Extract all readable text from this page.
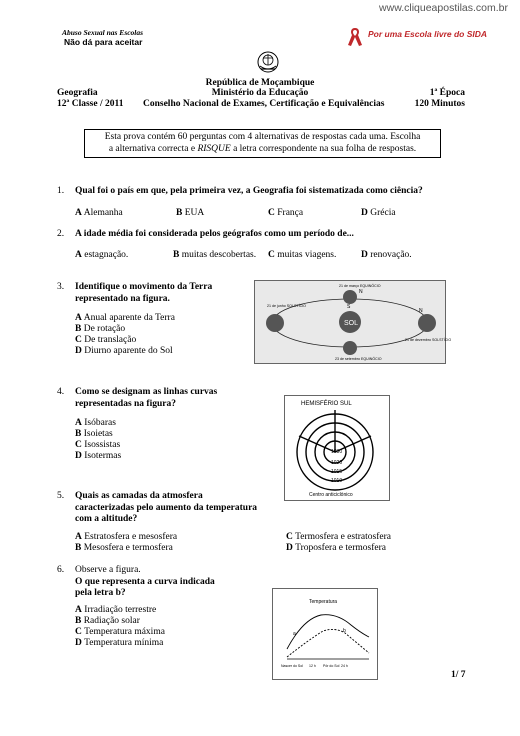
www.cliqueapostilas.com.br
Abuso Sexual nas Escolas
Não dá para aceitar
Por uma Escola livre do SIDA
República de Moçambique
Geografia	Ministério da Educação	1ª Época
12ª Classe / 2011 Conselho Nacional de Exames, Certificação e Equivalências	120 Minutos
Esta prova contém 60 perguntas com 4 alternativas de respostas cada uma. Escolha
a alternativa correcta e RISQUE a letra correspondente na sua folha de respostas.
1. Qual foi o país em que, pela primeira vez, a Geografia foi sistematizada como ciência?
A Alemanha	B EUA	C França	D Grécia
2. A idade média foi considerada pelos geógrafos como um período de...
A estagnação.	B muitas descobertas. C muitas viagens.	D renovação.
3. Identifique o movimento da Terra
representado na figura.
A Anual aparente da Terra
B De rotação
C De translação
D Diurno aparente do Sol
SOL
N
N
S
21 de junho SOLSTÍCIO
21 de março EQUINÓCIO
21 de dezembro SOLSTÍCIO
23 de setembro EQUINÓCIO
4. Como se designam as linhas curvas
representadas na figura?
A Isóbaras
B Isoietas
C Isossistas
D Isotermas
HEMISFÉRIO SUL
1030
1020
1015
1010
Centro anticiclónico
5. Quais as camadas da atmosfera
caracterizadas pelo aumento da temperatura
com a altitude?
A Estratosfera e mesosfera
B Mesosfera e termosfera
C Termosfera e estratosfera
D Troposfera e termosfera
6. Observe a figura.
O que representa a curva indicada
pela letra b?
A Irradiação terrestre
B Radiação solar
C Temperatura máxima
D Temperatura mínima
Temperatura
a	b
Nascer do Sol 12 h Pôr do Sol 24 h
1/ 7
